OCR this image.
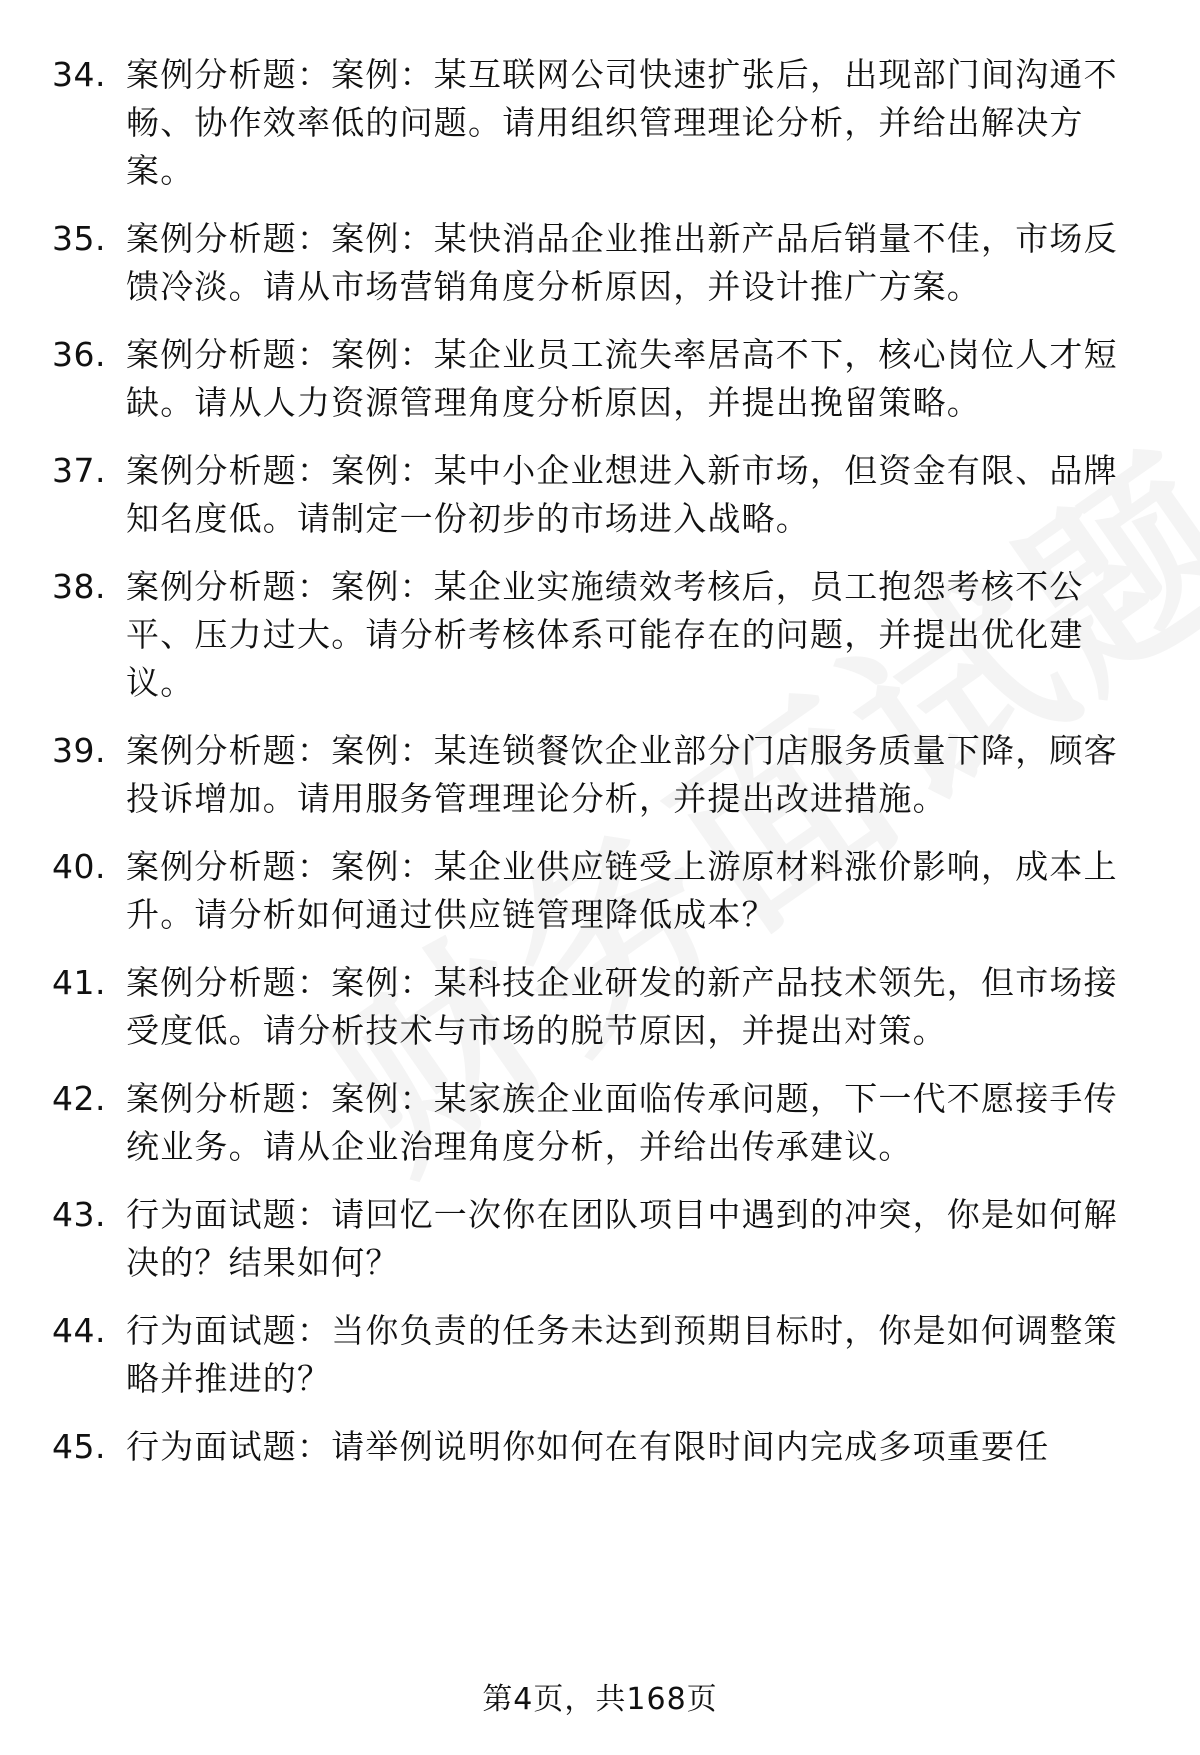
34. 案例分析题：案例：某互联网公司快速扩张后，出现部门间沟通不畅、协作效率低的问题。请用组织管理理论分析，并给出解决方案。
35. 案例分析题：案例：某快消品企业推出新产品后销量不佳，市场反馈冷淡。请从市场营销角度分析原因，并设计推广方案。
36. 案例分析题：案例：某企业员工流失率居高不下，核心岗位人才短缺。请从人力资源管理角度分析原因，并提出挽留策略。
37. 案例分析题：案例：某中小企业想进入新市场，但资金有限、品牌知名度低。请制定一份初步的市场进入战略。
38. 案例分析题：案例：某企业实施绩效考核后，员工抱怨考核不公平、压力过大。请分析考核体系可能存在的问题，并提出优化建议。
39. 案例分析题：案例：某连锁餐饮企业部分门店服务质量下降，顾客投诉增加。请用服务管理理论分析，并提出改进措施。
40. 案例分析题：案例：某企业供应链受上游原材料涨价影响，成本上升。请分析如何通过供应链管理降低成本？
41. 案例分析题：案例：某科技企业研发的新产品技术领先，但市场接受度低。请分析技术与市场的脱节原因，并提出对策。
42. 案例分析题：案例：某家族企业面临传承问题，下一代不愿接手传统业务。请从企业治理角度分析，并给出传承建议。
43. 行为面试题：请回忆一次你在团队项目中遇到的冲突，你是如何解决的？结果如何？
44. 行为面试题：当你负责的任务未达到预期目标时，你是如何调整策略并推进的？
45. 行为面试题：请举例说明你如何在有限时间内完成多项重要任
第4页，共168页
